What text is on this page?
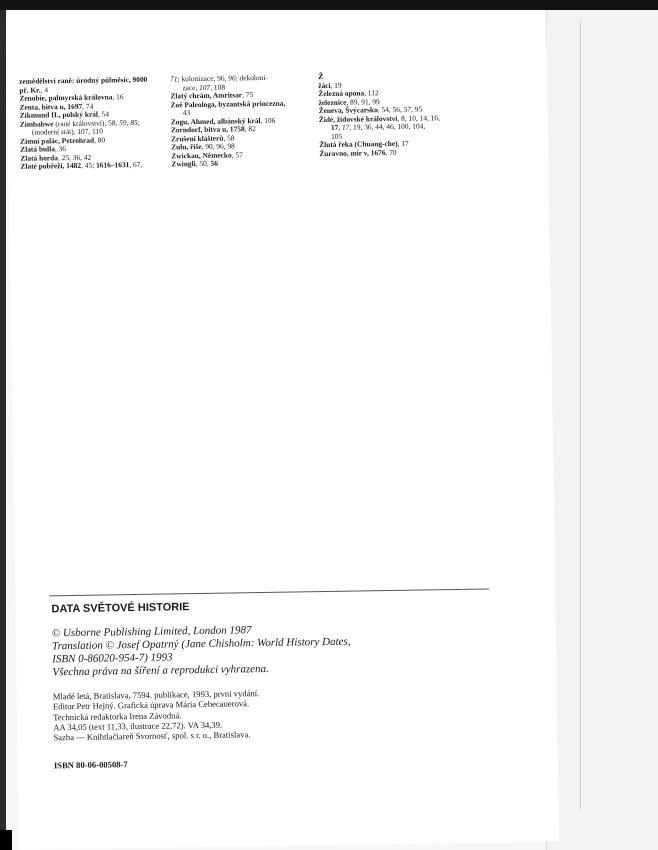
zemědělství raně: úrodný půlměsíc, 9000
př. Kr., 4
Zenobie, palmyrská královna, 16
Zenta, bitva u, 1697, 74
Zikmund II., polský král, 54
Zimbabwe (rané království), 58, 59, 85;
(moderní stát), 107, 110
Zimní palác, Petrohrad, 80
Zlatá bulla, 36
Zlatá horda, 25, 36, 42
Zlaté pobřeží, 1482, 45; 1616–1631, 67,
71; kolonizace, 96, 96; dekoloni-
zace, 107, 108
Zlatý chrám, Amritsar, 75
Zoë Paleologa, byzantská princezna,
43
Zogu, Ahmed, albánský král, 106
Zorndorf, bitva u, 1758, 82
Zrušení klášterů, 58
Zulu, říše, 90, 96, 98
Zwickau, Německo, 57
Zwingli, 50, 56
Ž
žáci, 19
Železná opona, 112
železnice, 89, 91, 99
Ženeva, Švýcarsko, 54, 56, 57, 95
Židé, židovské království, 8, 10, 14, 16,
17, 17, 19, 36, 44, 46, 100, 104,
105
Žlutá řeka (Chuang-che), 17
Žuravno, mír v, 1676, 70
DATA SVĚTOVÉ HISTORIE
© Usborne Publishing Limited, London 1987
Translation © Josef Opatrný (Jane Chisholm: World History Dates,
ISBN 0-86020-954-7) 1993
Všechna práva na šíření a reprodukci vyhrazena.
Mladé letá, Bratislava, 7594. publikace, 1993, prvni vydání.
Editor Petr Hejný. Grafická úprava Mária Cebecauerová.
Technická redaktorka Irena Závodná.
AA 34,05 (text 11,33, ilustrace 22,72). VA 34,39.
Sazba — Knihtlačiareň Svornosť, spol. s r. o., Bratislava.
ISBN 80-06-00508-7
